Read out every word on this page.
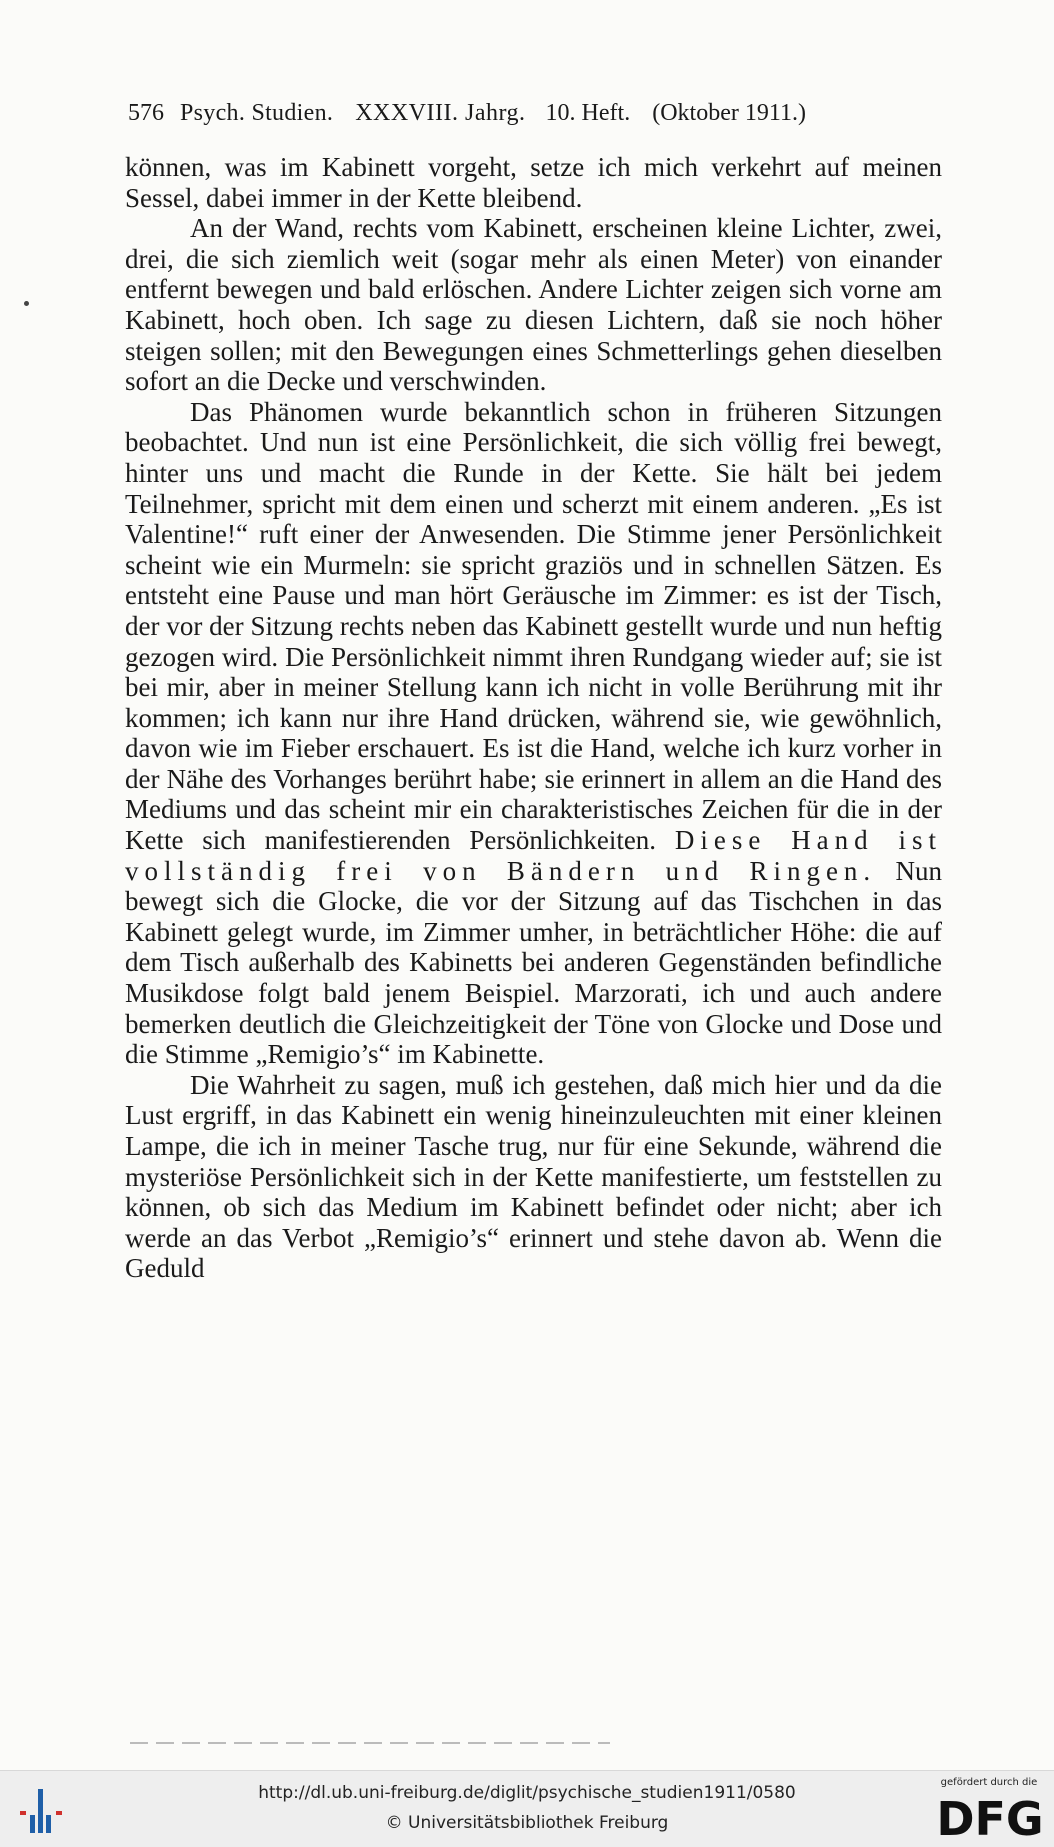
576 Psych. Studien. XXXVIII. Jahrg. 10. Heft. (Oktober 1911.)

können, was im Kabinett vorgeht, setze ich mich verkehrt auf meinen Sessel, dabei immer in der Kette bleibend.

An der Wand, rechts vom Kabinett, erscheinen kleine Lichter, zwei, drei, die sich ziemlich weit (sogar mehr als einen Meter) von einander entfernt bewegen und bald erlöschen. Andere Lichter zeigen sich vorne am Kabinett, hoch oben. Ich sage zu diesen Lichtern, daß sie noch höher steigen sollen; mit den Bewegungen eines Schmetterlings gehen dieselben sofort an die Decke und verschwinden.

Das Phänomen wurde bekanntlich schon in früheren Sitzungen beobachtet. Und nun ist eine Persönlichkeit, die sich völlig frei bewegt, hinter uns und macht die Runde in der Kette. Sie hält bei jedem Teilnehmer, spricht mit dem einen und scherzt mit einem anderen. „Es ist Valentine!“ ruft einer der Anwesenden. Die Stimme jener Persönlichkeit scheint wie ein Murmeln: sie spricht graziös und in schnellen Sätzen. Es entsteht eine Pause und man hört Geräusche im Zimmer: es ist der Tisch, der vor der Sitzung rechts neben das Kabinett gestellt wurde und nun heftig gezogen wird. Die Persönlichkeit nimmt ihren Rundgang wieder auf; sie ist bei mir, aber in meiner Stellung kann ich nicht in volle Berührung mit ihr kommen; ich kann nur ihre Hand drücken, während sie, wie gewöhnlich, davon wie im Fieber erschauert. Es ist die Hand, welche ich kurz vorher in der Nähe des Vorhanges berührt habe; sie erinnert in allem an die Hand des Mediums und das scheint mir ein charakteristisches Zeichen für die in der Kette sich manifestierenden Persönlichkeiten. Diese Hand ist vollständig frei von Bändern und Ringen. Nun bewegt sich die Glocke, die vor der Sitzung auf das Tischchen in das Kabinett gelegt wurde, im Zimmer umher, in beträchtlicher Höhe: die auf dem Tisch außerhalb des Kabinetts bei anderen Gegenständen befindliche Musikdose folgt bald jenem Beispiel. Marzorati, ich und auch andere bemerken deutlich die Gleichzeitigkeit der Töne von Glocke und Dose und die Stimme „Remigio’s“ im Kabinette.

Die Wahrheit zu sagen, muß ich gestehen, daß mich hier und da die Lust ergriff, in das Kabinett ein wenig hineinzuleuchten mit einer kleinen Lampe, die ich in meiner Tasche trug, nur für eine Sekunde, während die mysteriöse Persönlichkeit sich in der Kette manifestierte, um feststellen zu können, ob sich das Medium im Kabinett befindet oder nicht; aber ich werde an das Verbot „Remigio’s“ erinnert und stehe davon ab. Wenn die Geduld

http://dl.ub.uni-freiburg.de/diglit/psychische_studien1911/0580
© Universitätsbibliothek Freiburg
gefördert durch die
DFG
